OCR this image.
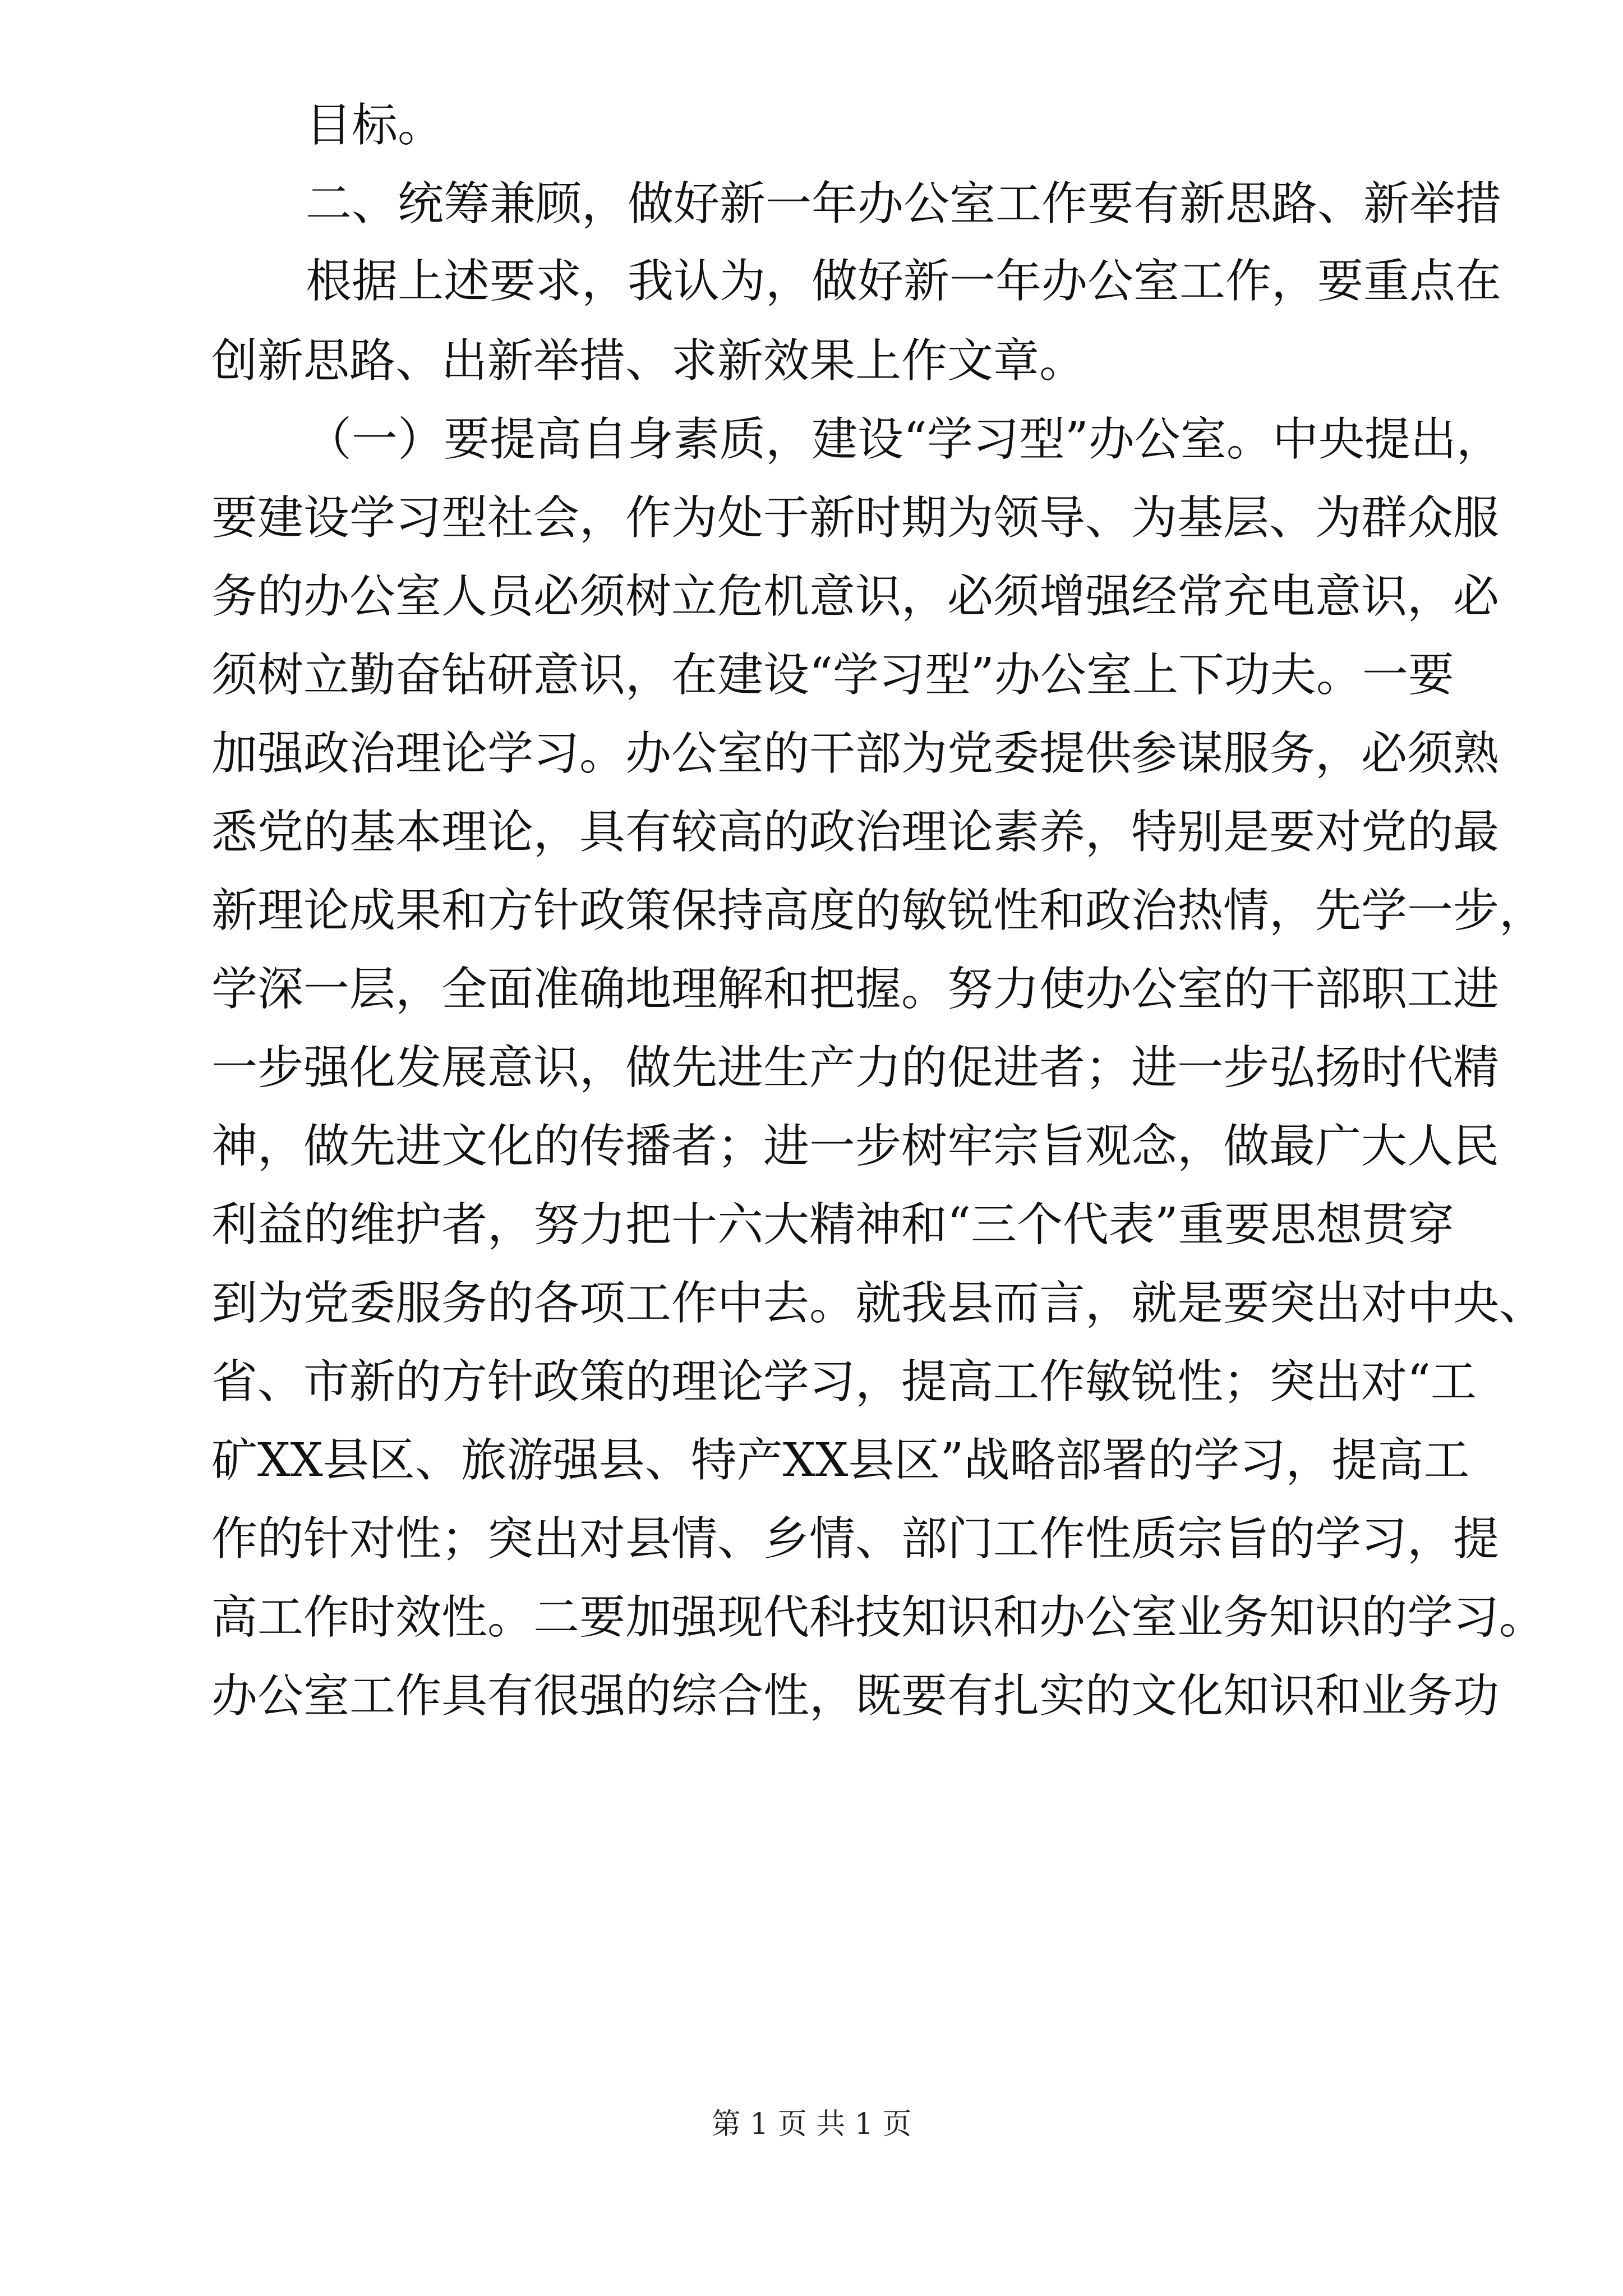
目标。

二、统筹兼顾，做好新一年办公室工作要有新思路、新举措

根据上述要求，我认为，做好新一年办公室工作，要重点在

创新思路、出新举措、求新效果上作文章。

（一）要提高自身素质，建设“学习型”办公室。中央提出，

要建设学习型社会，作为处于新时期为领导、为基层、为群众服

务的办公室人员必须树立危机意识，必须增强经常充电意识，必

须树立勤奋钻研意识，在建设“学习型”办公室上下功夫。一要

加强政治理论学习。办公室的干部为党委提供参谋服务，必须熟

悉党的基本理论，具有较高的政治理论素养，特别是要对党的最

新理论成果和方针政策保持高度的敏锐性和政治热情，先学一步，

学深一层，全面准确地理解和把握。努力使办公室的干部职工进

一步强化发展意识，做先进生产力的促进者；进一步弘扬时代精

神，做先进文化的传播者；进一步树牢宗旨观念，做最广大人民

利益的维护者，努力把十六大精神和“三个代表”重要思想贯穿

到为党委服务的各项工作中去。就我县而言，就是要突出对中央、

省、市新的方针政策的理论学习，提高工作敏锐性；突出对“工

矿XX县区、旅游强县、特产XX县区”战略部署的学习，提高工

作的针对性；突出对县情、乡情、部门工作性质宗旨的学习，提

高工作时效性。二要加强现代科技知识和办公室业务知识的学习。

办公室工作具有很强的综合性，既要有扎实的文化知识和业务功

第 1 页 共 1 页
